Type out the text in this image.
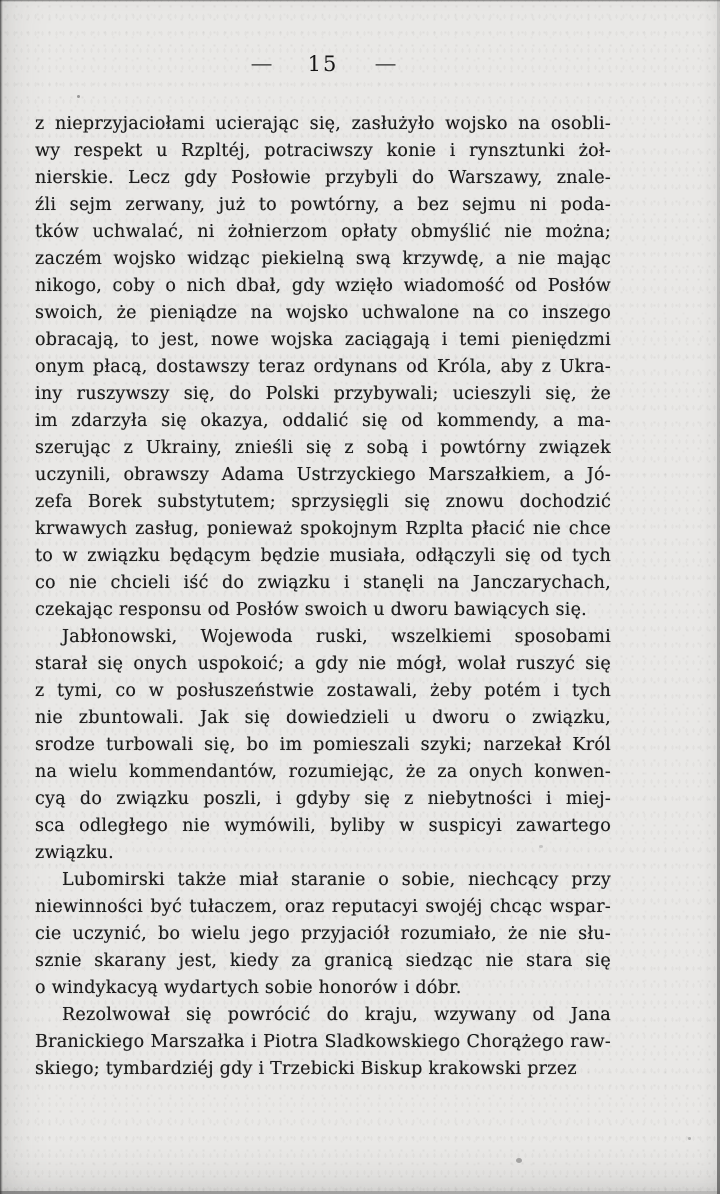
— 15 —
z nieprzyjaciołami ucierając się, zasłużyło wojsko na osobli-
wy respekt u Rzpltéj, potraciwszy konie i rynsztunki żoł-
nierskie. Lecz gdy Posłowie przybyli do Warszawy, znale-
źli sejm zerwany, już to powtórny, a bez sejmu ni poda-
tków uchwalać, ni żołnierzom opłaty obmyślić nie można;
zaczém wojsko widząc piekielną swą krzywdę, a nie mając
nikogo, coby o nich dbał, gdy wzięło wiadomość od Posłów
swoich, że pieniądze na wojsko uchwalone na co inszego
obracają, to jest, nowe wojska zaciągają i temi pieniędzmi
onym płacą, dostawszy teraz ordynans od Króla, aby z Ukra-
iny ruszywszy się, do Polski przybywali; ucieszyli się, że
im zdarzyła się okazya, oddalić się od kommendy, a ma-
szerując z Ukrainy, znieśli się z sobą i powtórny związek
uczynili, obrawszy Adama Ustrzyckiego Marszałkiem, a Jó-
zefa Borek substytutem; sprzysięgli się znowu dochodzić
krwawych zasług, ponieważ spokojnym Rzplta płacić nie chce
to w związku będącym będzie musiała, odłączyli się od tych
co nie chcieli iść do związku i stanęli na Janczarychach,
czekając responsu od Posłów swoich u dworu bawiących się.
Jabłonowski, Wojewoda ruski, wszelkiemi sposobami
starał się onych uspokoić; a gdy nie mógł, wolał ruszyć się
z tymi, co w posłuszeństwie zostawali, żeby potém i tych
nie zbuntowali. Jak się dowiedzieli u dworu o związku,
srodze turbowali się, bo im pomieszali szyki; narzekał Król
na wielu kommendantów, rozumiejąc, że za onych konwen-
cyą do związku poszli, i gdyby się z niebytności i miej-
sca odległego nie wymówili, byliby w suspicyi zawartego
związku.
Lubomirski także miał staranie o sobie, niechcący przy
niewinności być tułaczem, oraz reputacyi swojéj chcąc wspar-
cie uczynić, bo wielu jego przyjaciół rozumiało, że nie słu-
sznie skarany jest, kiedy za granicą siedząc nie stara się
o windykacyą wydartych sobie honorów i dóbr.
Rezolwował się powrócić do kraju, wzywany od Jana
Branickiego Marszałka i Piotra Sladkowskiego Chorążego raw-
skiego; tymbardziéj gdy i Trzebicki Biskup krakowski przez
